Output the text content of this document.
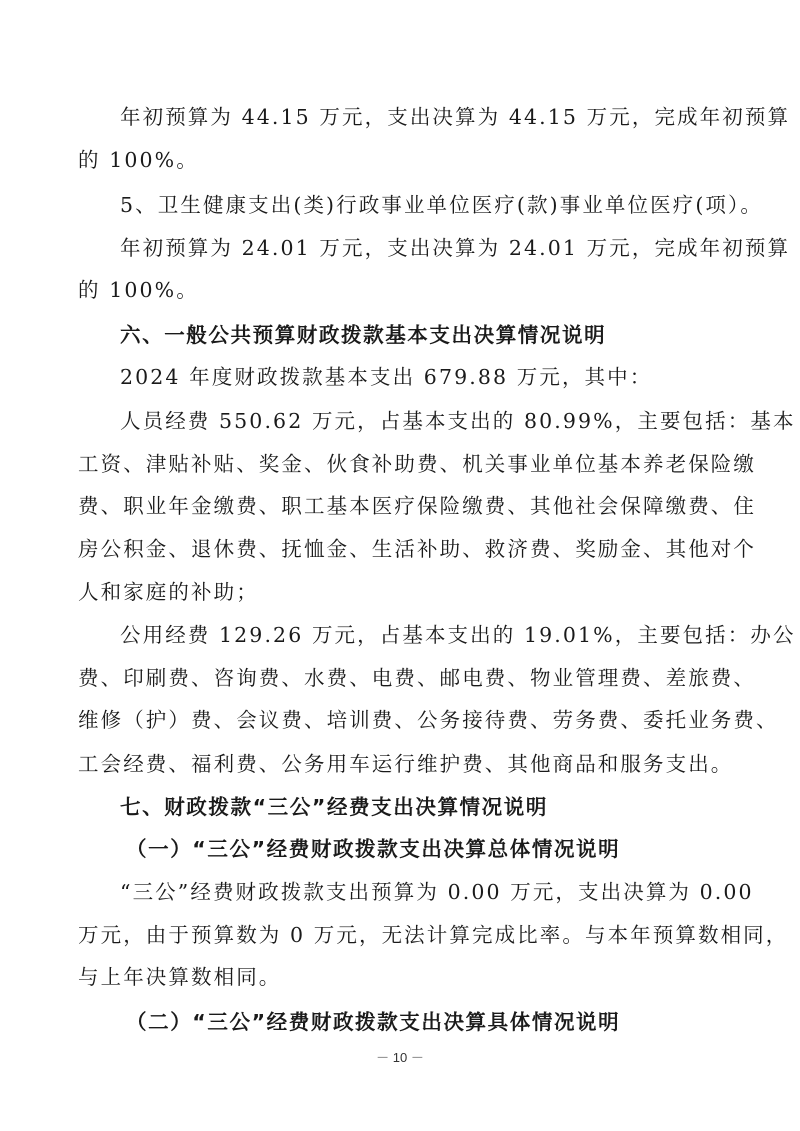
年初预算为 44.15 万元，支出决算为 44.15 万元，完成年初预算
的 100%。
5、卫生健康支出(类)行政事业单位医疗(款)事业单位医疗(项）。
年初预算为 24.01 万元，支出决算为 24.01 万元，完成年初预算
的 100%。
六、一般公共预算财政拨款基本支出决算情况说明
2024 年度财政拨款基本支出 679.88 万元，其中：
人员经费 550.62 万元，占基本支出的 80.99%，主要包括：基本
工资、津贴补贴、奖金、伙食补助费、机关事业单位基本养老保险缴
费、职业年金缴费、职工基本医疗保险缴费、其他社会保障缴费、住
房公积金、退休费、抚恤金、生活补助、救济费、奖励金、其他对个
人和家庭的补助；
公用经费 129.26 万元，占基本支出的 19.01%，主要包括：办公
费、印刷费、咨询费、水费、电费、邮电费、物业管理费、差旅费、
维修（护）费、会议费、培训费、公务接待费、劳务费、委托业务费、
工会经费、福利费、公务用车运行维护费、其他商品和服务支出。
七、财政拨款“三公”经费支出决算情况说明
（一）“三公”经费财政拨款支出决算总体情况说明
“三公”经费财政拨款支出预算为 0.00 万元，支出决算为 0.00
万元，由于预算数为 0 万元，无法计算完成比率。与本年预算数相同，
与上年决算数相同。
（二）“三公”经费财政拨款支出决算具体情况说明
－ 10 －
